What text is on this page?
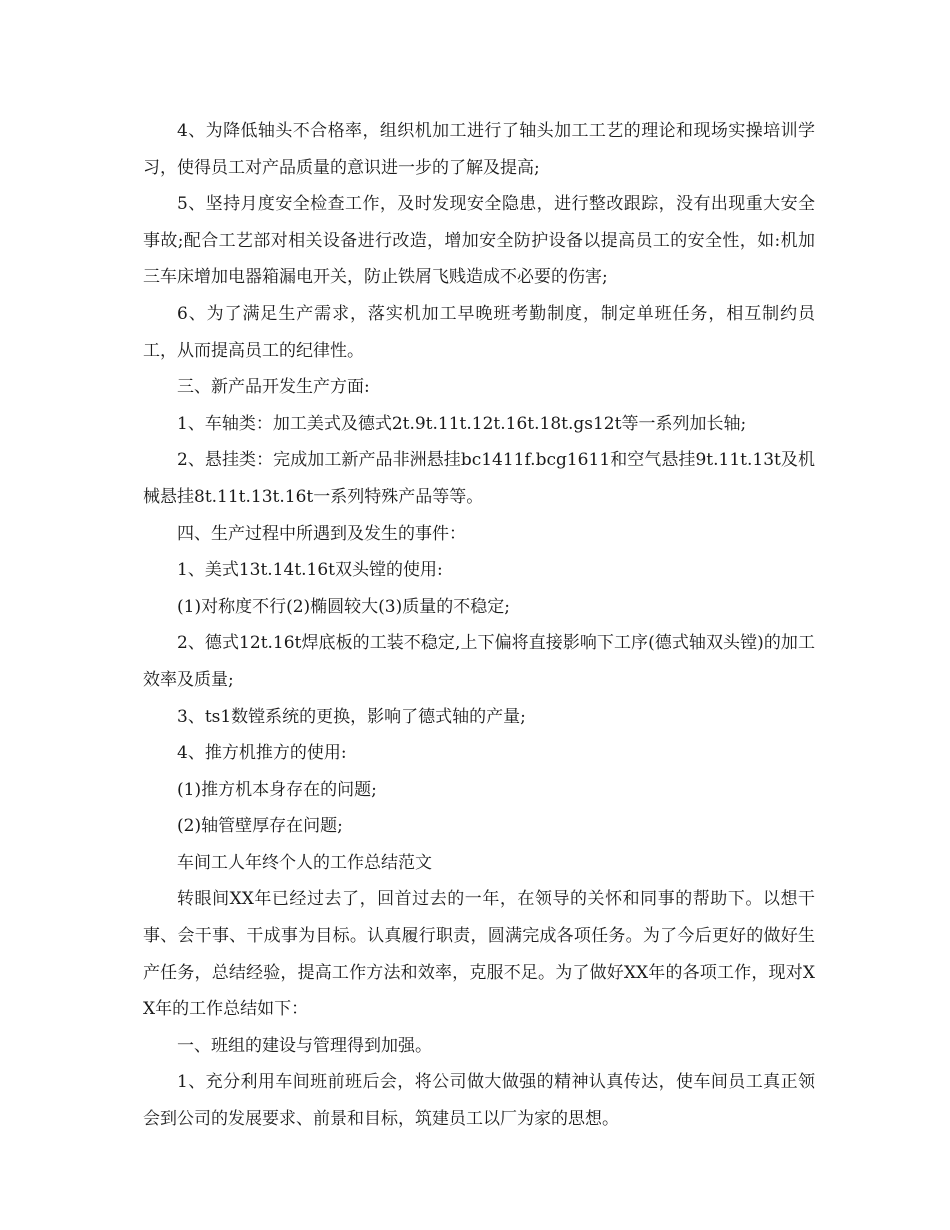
4、为降低轴头不合格率，组织机加工进行了轴头加工工艺的理论和现场实操培训学习，使得员工对产品质量的意识进一步的了解及提高;

5、坚持月度安全检查工作，及时发现安全隐患，进行整改跟踪，没有出现重大安全事故;配合工艺部对相关设备进行改造，增加安全防护设备以提高员工的安全性，如:机加三车床增加电器箱漏电开关，防止铁屑飞贱造成不必要的伤害;

6、为了满足生产需求，落实机加工早晚班考勤制度，制定单班任务，相互制约员工，从而提高员工的纪律性。

三、新产品开发生产方面:

1、车轴类：加工美式及德式2t.9t.11t.12t.16t.18t.gs12t等一系列加长轴;

2、悬挂类：完成加工新产品非洲悬挂bc1411f.bcg1611和空气悬挂9t.11t.13t及机械悬挂8t.11t.13t.16t一系列特殊产品等等。

四、生产过程中所遇到及发生的事件：

1、美式13t.14t.16t双头镗的使用:

(1)对称度不行(2)椭圆较大(3)质量的不稳定;

2、德式12t.16t焊底板的工装不稳定,上下偏将直接影响下工序(德式轴双头镗)的加工效率及质量;

3、ts1数镗系统的更换，影响了德式轴的产量;

4、推方机推方的使用:

(1)推方机本身存在的问题;

(2)轴管壁厚存在问题;

车间工人年终个人的工作总结范文

转眼间XX年已经过去了，回首过去的一年，在领导的关怀和同事的帮助下。以想干事、会干事、干成事为目标。认真履行职责，圆满完成各项任务。为了今后更好的做好生产任务，总结经验，提高工作方法和效率，克服不足。为了做好XX年的各项工作，现对XX年的工作总结如下：

一、班组的建设与管理得到加强。

1、充分利用车间班前班后会，将公司做大做强的精神认真传达，使车间员工真正领会到公司的发展要求、前景和目标，筑建员工以厂为家的思想。
